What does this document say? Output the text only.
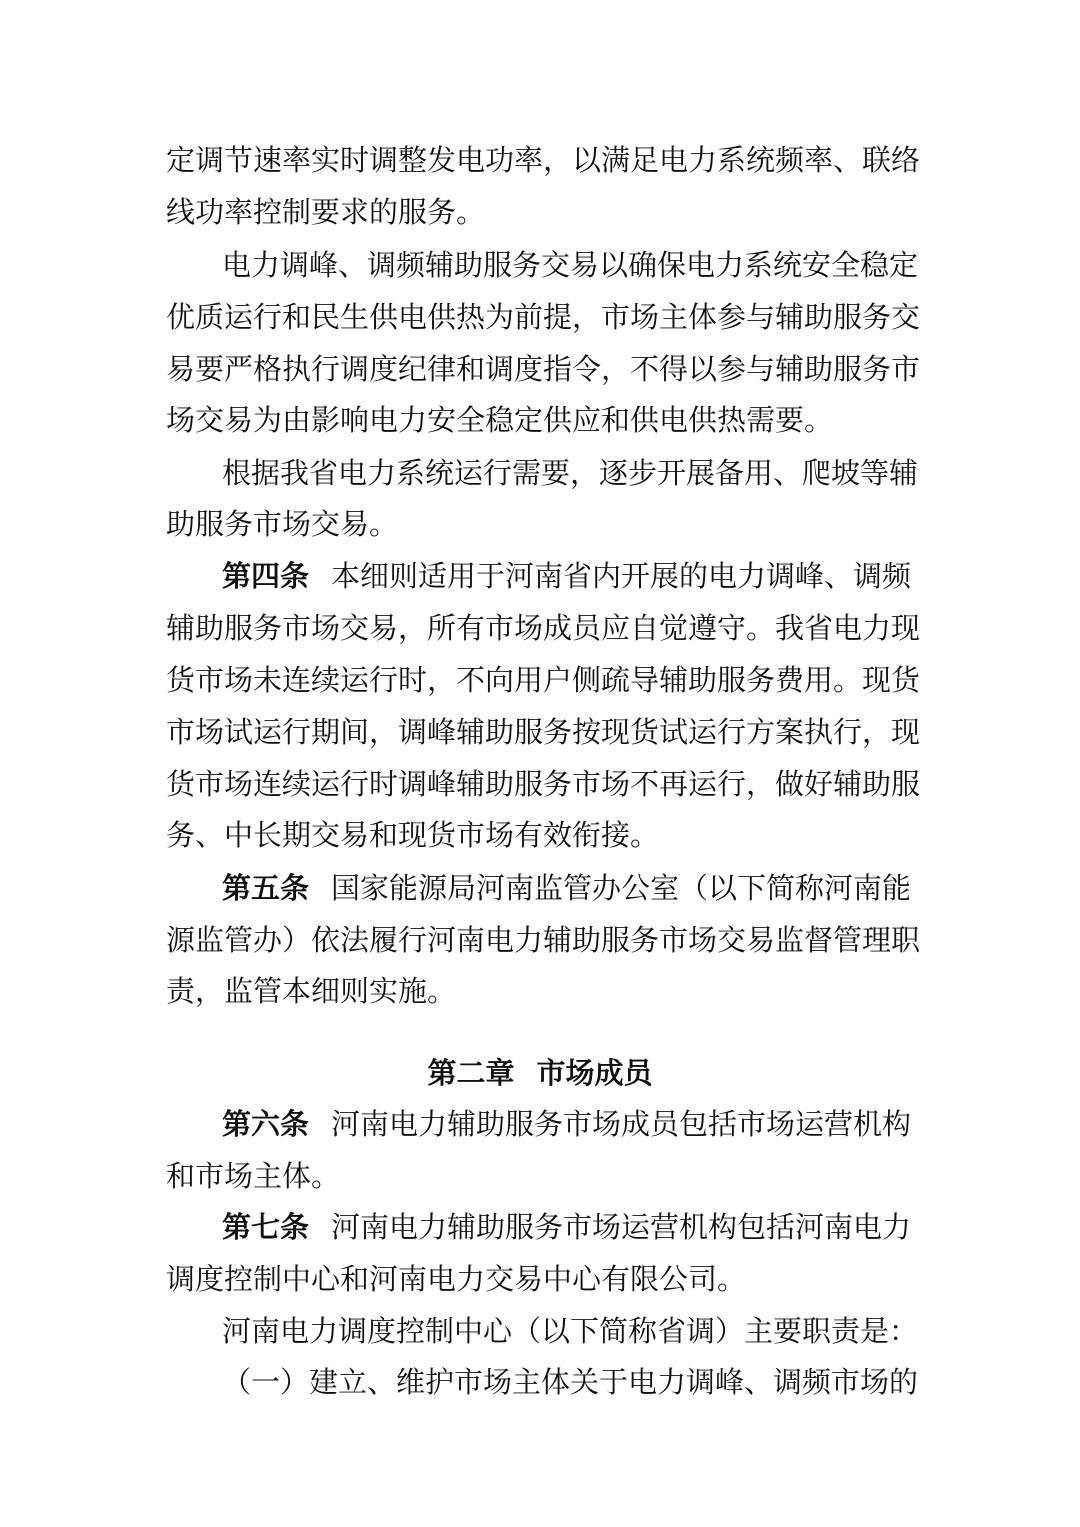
定调节速率实时调整发电功率，以满足电力系统频率、联络

线功率控制要求的服务。

电力调峰、调频辅助服务交易以确保电力系统安全稳定

优质运行和民生供电供热为前提，市场主体参与辅助服务交

易要严格执行调度纪律和调度指令，不得以参与辅助服务市

场交易为由影响电力安全稳定供应和供电供热需要。

根据我省电力系统运行需要，逐步开展备用、爬坡等辅

助服务市场交易。

第四条 本细则适用于河南省内开展的电力调峰、调频

辅助服务市场交易，所有市场成员应自觉遵守。我省电力现

货市场未连续运行时，不向用户侧疏导辅助服务费用。现货

市场试运行期间，调峰辅助服务按现货试运行方案执行，现

货市场连续运行时调峰辅助服务市场不再运行，做好辅助服

务、中长期交易和现货市场有效衔接。

第五条 国家能源局河南监管办公室（以下简称河南能

源监管办）依法履行河南电力辅助服务市场交易监督管理职

责，监管本细则实施。

第二章 市场成员

第六条 河南电力辅助服务市场成员包括市场运营机构

和市场主体。

第七条 河南电力辅助服务市场运营机构包括河南电力

调度控制中心和河南电力交易中心有限公司。

河南电力调度控制中心（以下简称省调）主要职责是：

（一）建立、维护市场主体关于电力调峰、调频市场的
